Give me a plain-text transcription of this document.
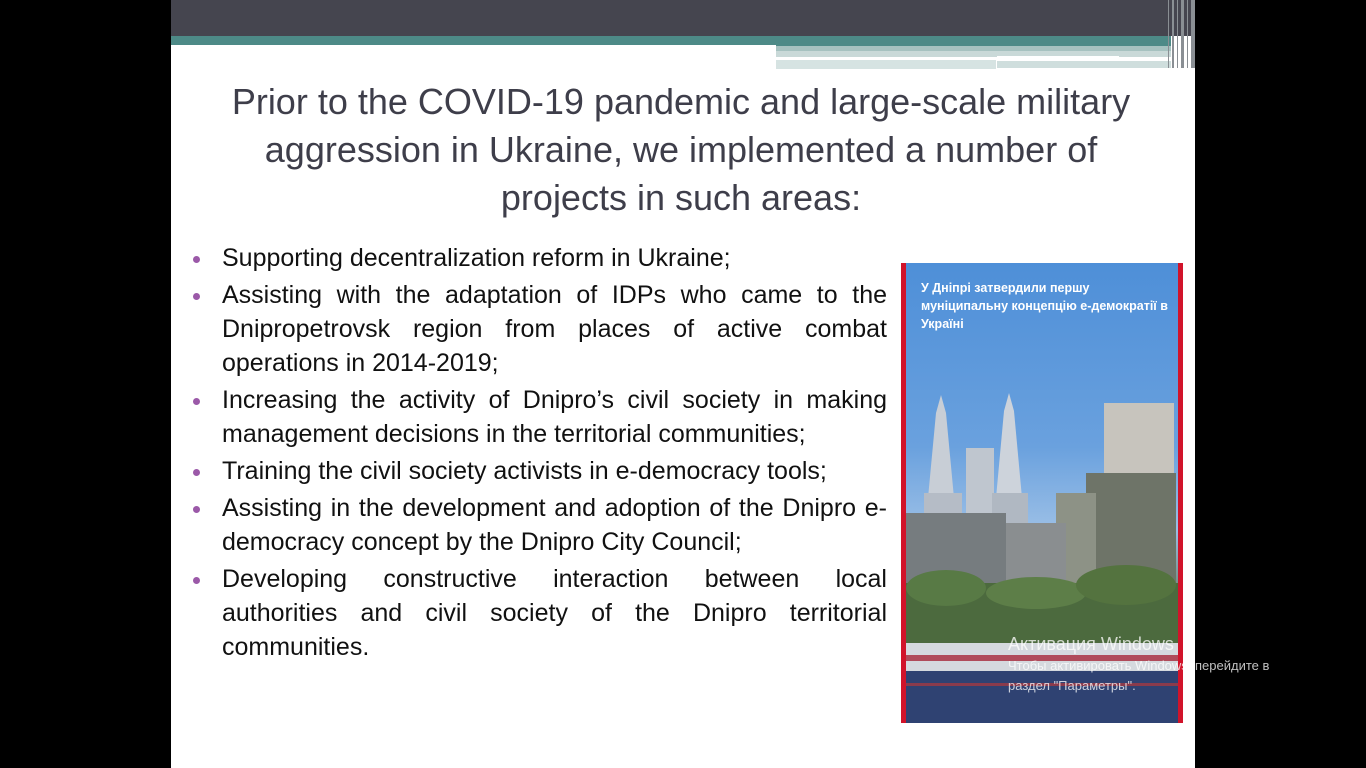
Prior to the COVID-19 pandemic and large-scale military aggression in Ukraine, we implemented a number of projects in such areas:
Supporting decentralization reform in Ukraine;
Assisting with the adaptation of IDPs who came to the Dnipropetrovsk region from places of active combat operations in 2014-2019;
Increasing the activity of Dnipro’s civil society in making management decisions in the territorial communities;
Training the civil society activists in e-democracy tools;
Assisting in the development and adoption of the Dnipro e-democracy concept by the Dnipro City Council;
Developing constructive interaction between local authorities and civil society of the Dnipro territorial communities.
У Дніпрі затвердили першу муніципальну концепцію е-демократії в Україні
Активация Windows
Чтобы активировать Windows, перейдите в
раздел "Параметры".
